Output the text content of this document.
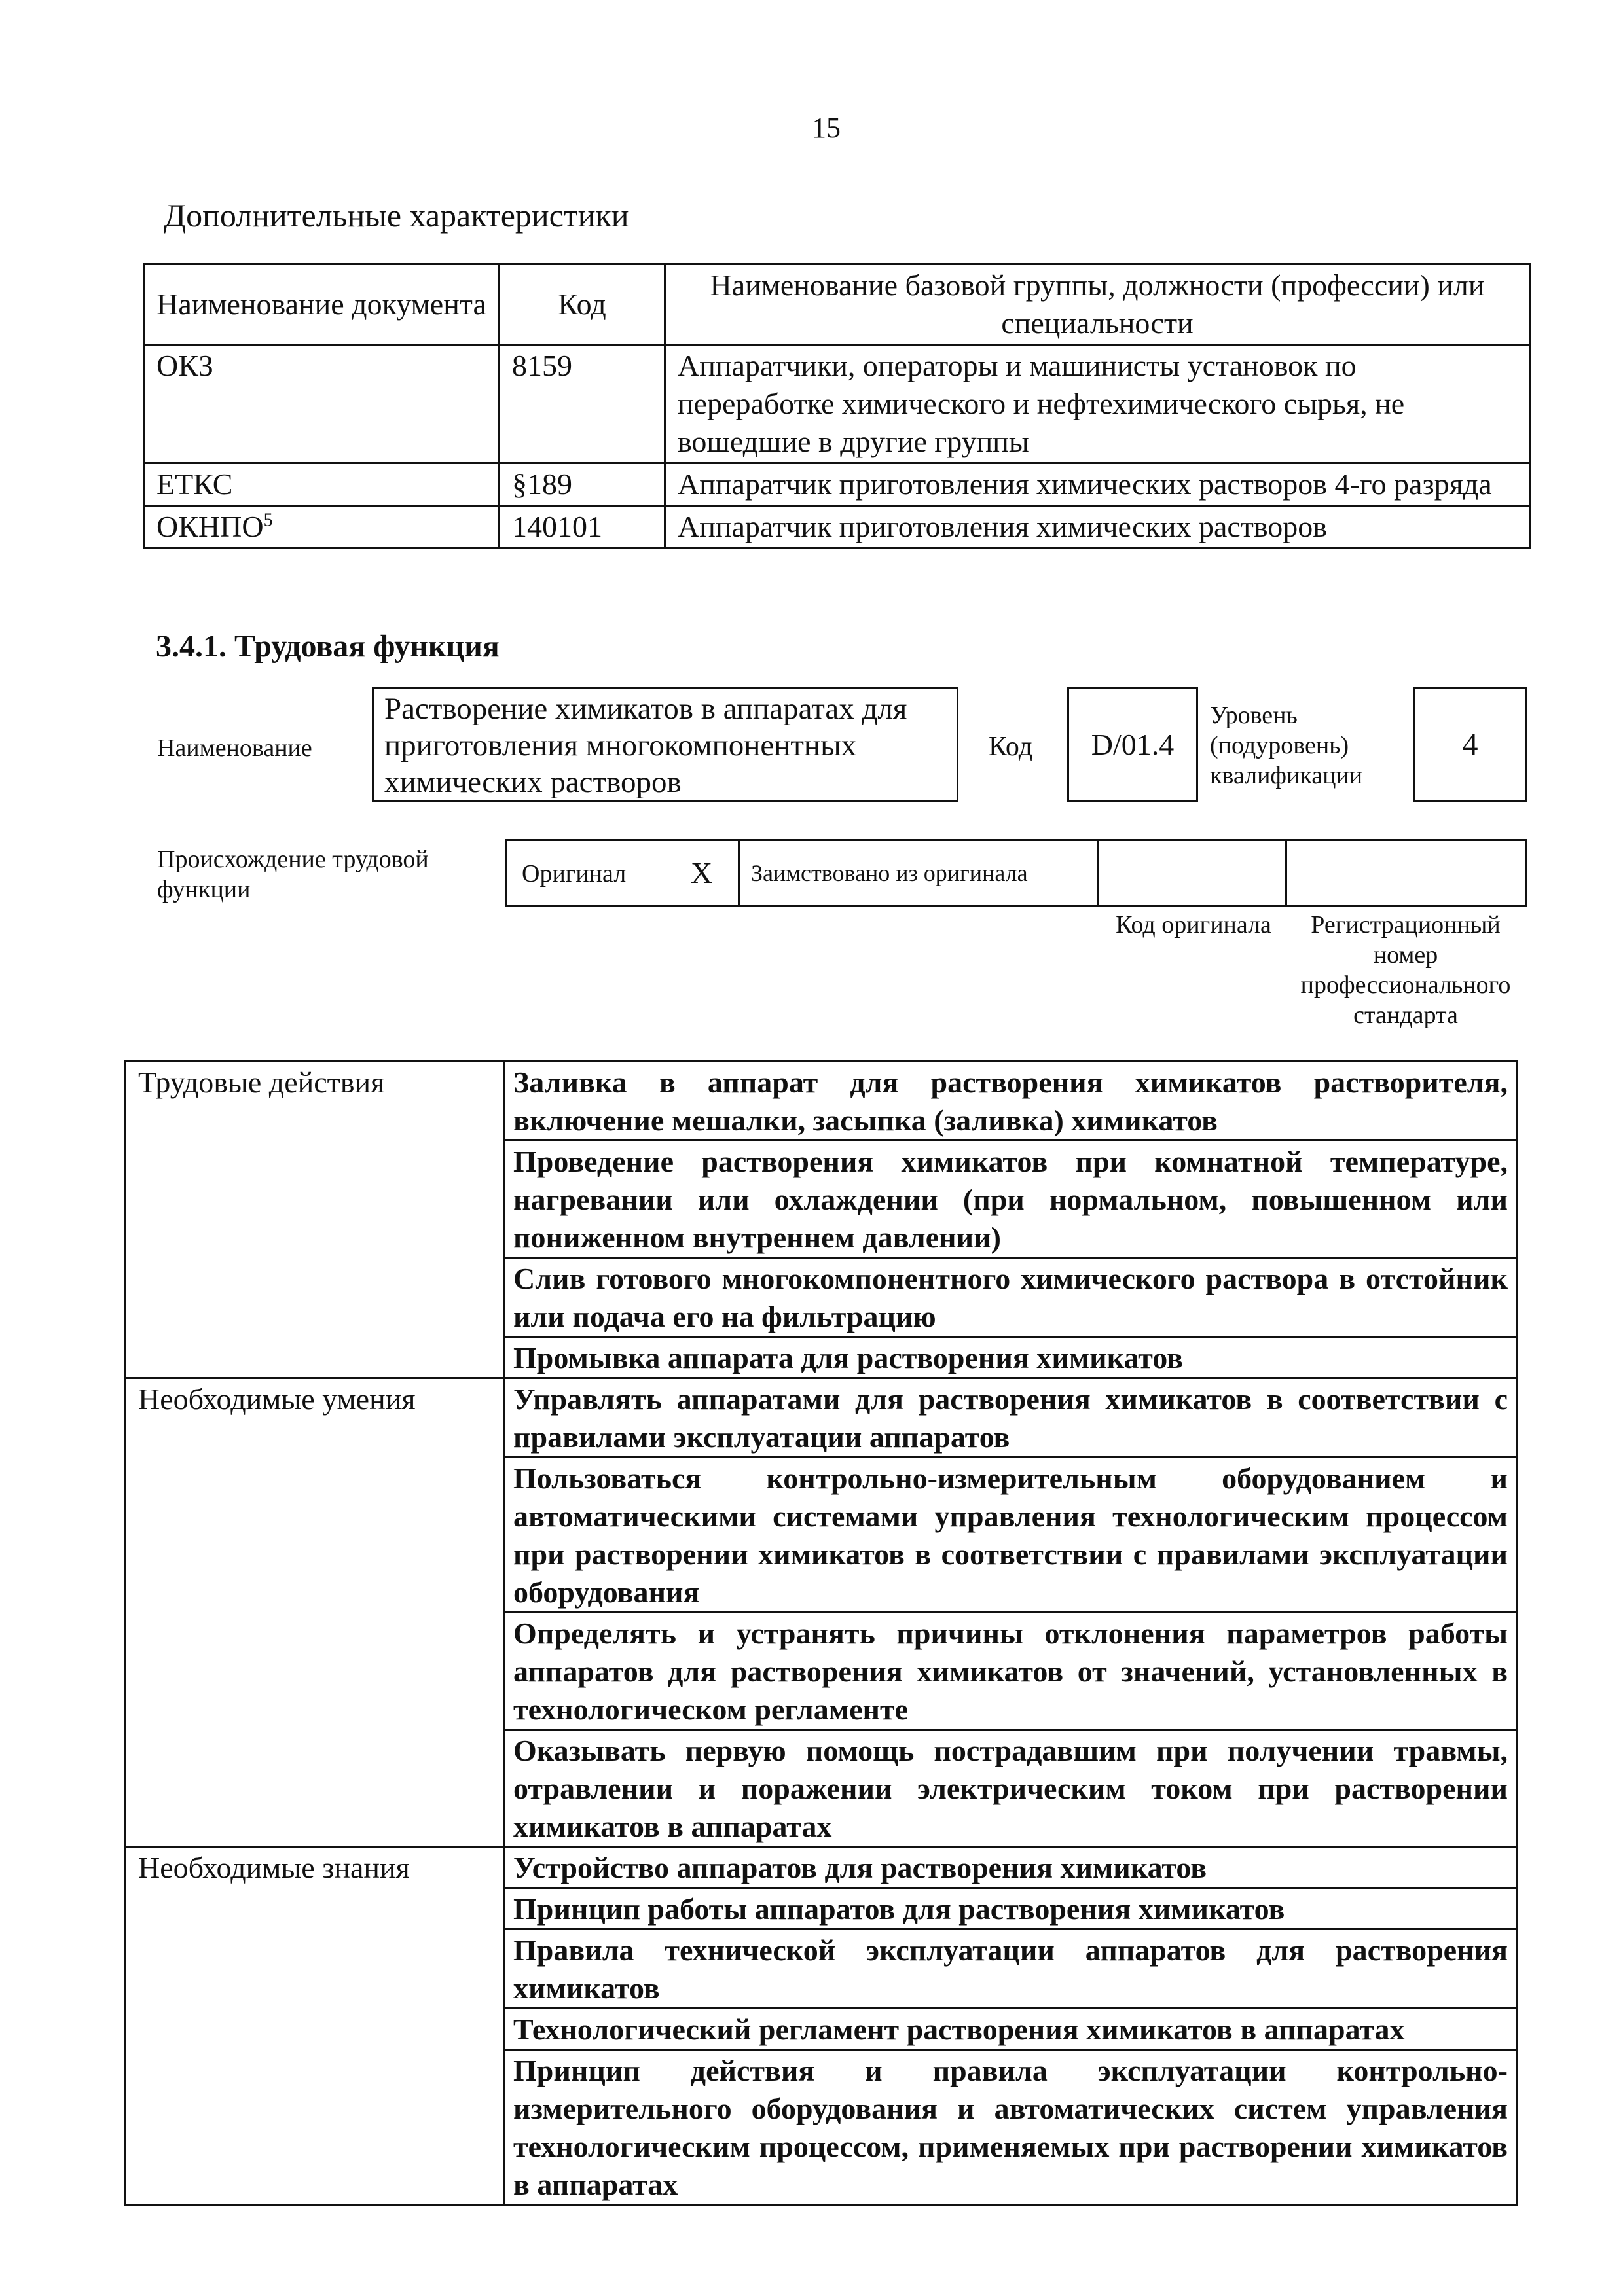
15
Дополнительные характеристики
Наименование документа	Код	Наименование базовой группы, должности (профессии) или специальности
ОКЗ	8159	Аппаратчики, операторы и машинисты установок по переработке химического и нефтехимического сырья, не вошедшие в другие группы
ЕТКС	§189	Аппаратчик приготовления химических растворов 4-го разряда
ОКНПО$^5$	140101	Аппаратчик приготовления химических растворов
3.4.1. Трудовая функция
Наименование
Растворение химикатов в аппаратах для приготовления многокомпонентных химических растворов
Код	D/01.4
Уровень (подуровень) квалификации
4
Происхождение трудовой функции
Оригинал X Заимствовано из оригинала
Код оригинала	Регистрационный номер профессионального стандарта
Трудовые действия	Заливка в аппарат для растворения химикатов растворителя, включение мешалки, засыпка (заливка) химикатов
	Проведение растворения химикатов при комнатной температуре, нагревании или охлаждении (при нормальном, повышенном или пониженном внутреннем давлении)
	Слив готового многокомпонентного химического раствора в отстойник или подача его на фильтрацию
	Промывка аппарата для растворения химикатов
Необходимые умения	Управлять аппаратами для растворения химикатов в соответствии с правилами эксплуатации аппаратов
	Пользоваться контрольно-измерительным оборудованием и автоматическими системами управления технологическим процессом при растворении химикатов в соответствии с правилами эксплуатации оборудования
	Определять и устранять причины отклонения параметров работы аппаратов для растворения химикатов от значений, установленных в технологическом регламенте
	Оказывать первую помощь пострадавшим при получении травмы, отравлении и поражении электрическим током при растворении химикатов в аппаратах
Необходимые знания	Устройство аппаратов для растворения химикатов
	Принцип работы аппаратов для растворения химикатов
	Правила технической эксплуатации аппаратов для растворения химикатов
	Технологический регламент растворения химикатов в аппаратах
	Принцип действия и правила эксплуатации контрольно-измерительного оборудования и автоматических систем управления технологическим процессом, применяемых при растворении химикатов в аппаратах
